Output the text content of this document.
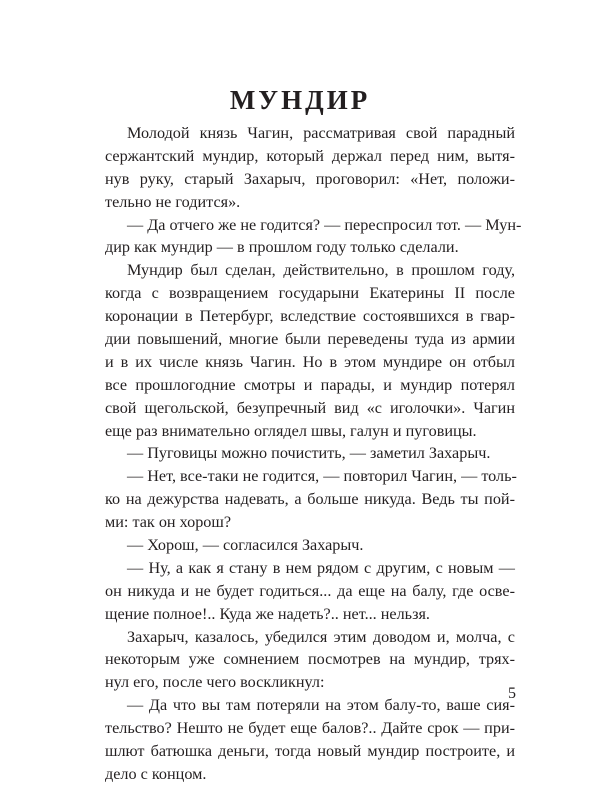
МУНДИР
Молодой князь Чагин, рассматривая свой парадный
сержантский мундир, который держал перед ним, вытя-
нув руку, старый Захарыч, проговорил: «Нет, положи-
тельно не годится».
— Да отчего же не годится? — переспросил тот. — Мун-
дир как мундир — в прошлом году только сделали.
Мундир был сделан, действительно, в прошлом году,
когда с возвращением государыни Екатерины II после
коронации в Петербург, вследствие состоявшихся в гвар-
дии повышений, многие были переведены туда из армии
и в их числе князь Чагин. Но в этом мундире он отбыл
все прошлогодние смотры и парады, и мундир потерял
свой щегольской, безупречный вид «с иголочки». Чагин
еще раз внимательно оглядел швы, галун и пуговицы.
— Пуговицы можно почистить, — заметил Захарыч.
— Нет, все-таки не годится, — повторил Чагин, — толь-
ко на дежурства надевать, а больше никуда. Ведь ты пой-
ми: так он хорош?
— Хорош, — согласился Захарыч.
— Ну, а как я стану в нем рядом с другим, с новым —
он никуда и не будет годиться... да еще на балу, где освe-
щение полное!.. Куда же надеть?.. нет... нельзя.
Захарыч, казалось, убедился этим доводом и, молча, с
некоторым уже сомнением посмотрев на мундир, тряx-
нул его, после чего воскликнул:
— Да что вы там потеряли на этом балу-то, ваше сия-
тельство? Нешто не будет еще балов?.. Дайте срок — при-
шлют батюшка деньги, тогда новый мундир построите, и
дело с концом.
5
